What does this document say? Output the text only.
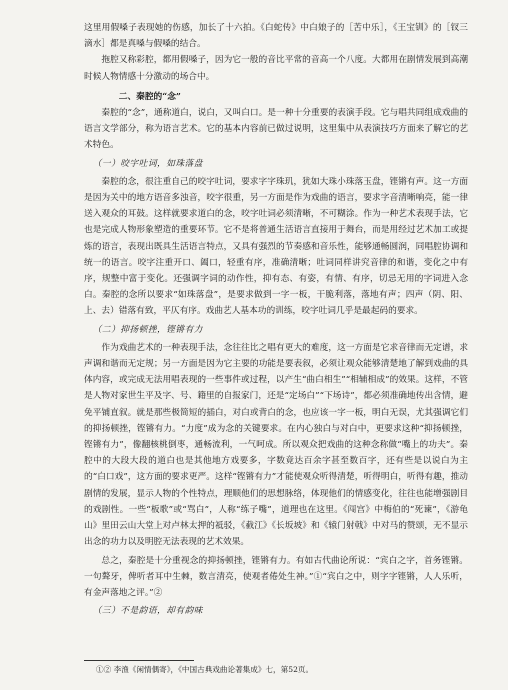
这里用假嗓子表现她的伤感，加长了十六拍。《白蛇传》中白娘子的［苦中乐］，《王宝钏》的［钗三滴水］都是真嗓与假嗓的结合。

拖腔又称彩腔，都用假嗓子，因为它一般的音比平常的音高一个八度。大都用在剧情发展到高潮时候人物情感十分激动的场合中。

二、秦腔的“念”

秦腔的“念”，通称道白，说白，又叫白口。是一种十分重要的表演手段。它与唱共同组成戏曲的语言文学部分，称为语言艺术。它的基本内容前已做过说明，这里集中从表演技巧方面来了解它的艺术特色。

（一）咬字吐词，如珠落盘

秦腔的念，很注重自己的咬字吐词，要求字字珠玑，犹如大珠小珠落玉盘，铿锵有声。这一方面是因为关中的地方语音多浊音，咬字很重，另一方面是作为戏曲的语言，要求字音清晰响亮，能一律送入观众的耳鼓。这样就要求道白的念，咬字吐词必须清晰，不可糊涂。作为一种艺术表现手法，它也是完成人物形象塑造的重要环节。它不是将普通生活语言直接用于舞台，而是用经过艺术加工或提炼的语言，表现出既具生活语言特点，又具有强烈的节奏感和音乐性，能够通畅圆润，同唱腔协调和统一的语言。咬字注重开口、阖口，轻重有序，准确清晰；吐词同样讲究音律的和谐，变化之中有序，规整中富于变化。还强调字词的动作性，抑有态、有姿，有情、有序，切忌无用的字词进入念白。秦腔的念所以要求“如珠落盘”，是要求做到一字一板，干脆利落，落地有声；四声（阴、阳、上、去）错落有致，平仄有序。戏曲艺人基本功的训练，咬字吐词几乎是最起码的要求。

（二）抑扬顿挫，铿锵有力

作为戏曲艺术的一种表现手法，念往往比之唱有更大的难度，这一方面是它求音律而无定谱，求声调和谐而无定规；另一方面是因为它主要的功能是要表叙，必须让观众能够清楚地了解到戏曲的具体内容，或完成无法用唱表现的一些事件或过程，以产生“曲白相生”“相辅相成”的效果。这样，不管是人物对家世生平及字、号、籍里的自报家门，还是“定场白”“下场诗”，都必须准确地传出含情，避免平铺直叙。就是那些极简短的插白，对白或背白的念，也应该一字一板，明白无误，尤其强调它们的抑扬顿挫，铿锵有力。“力度”成为念的关键要求。在内心独白与对白中，更要求这种“抑扬顿挫，铿锵有力”，像翻核桃倒枣，通畅流利，一气呵成。所以观众把戏曲的这种念称做“嘴上的功夫”。秦腔中的大段大段的道白也是其他地方戏要多，字数竟达百余字甚至数百字，还有些是以说白为主的“白口戏”，这方面的要求更严。这样“铿锵有力”才能使观众听得清楚，听得明白，听得有趣，推动剧情的发展，显示人物的个性特点，理顺他们的思想脉络，体现他们的情感变化，往往也能增强剧目的戏剧性。一些“板歌”或“骂白”，人称“练子嘴”，道理也在这里。《闯宫》中梅伯的“死谏”，《游龟山》里田云山大堂上对卢林太押的祗驳，《截江》《长坂坡》和《辕门射戟》中对马的赞颂，无不显示出念的功力以及明腔无法表现的艺术效果。

总之，秦腔是十分重视念的抑扬顿挫，铿锵有力。有如古代曲论所说：“宾白之字，首务铿锵。一句聱牙，俾听者耳中生棘，数言清亮，使观者倦处生神。”①“宾白之中，则字字铿锵，人人乐听，有金声落地之评。”②

（三）不是韵语，却有韵味

①② 李渔《闲情偶寄》，《中国古典戏曲论著集成》七，第52页。
